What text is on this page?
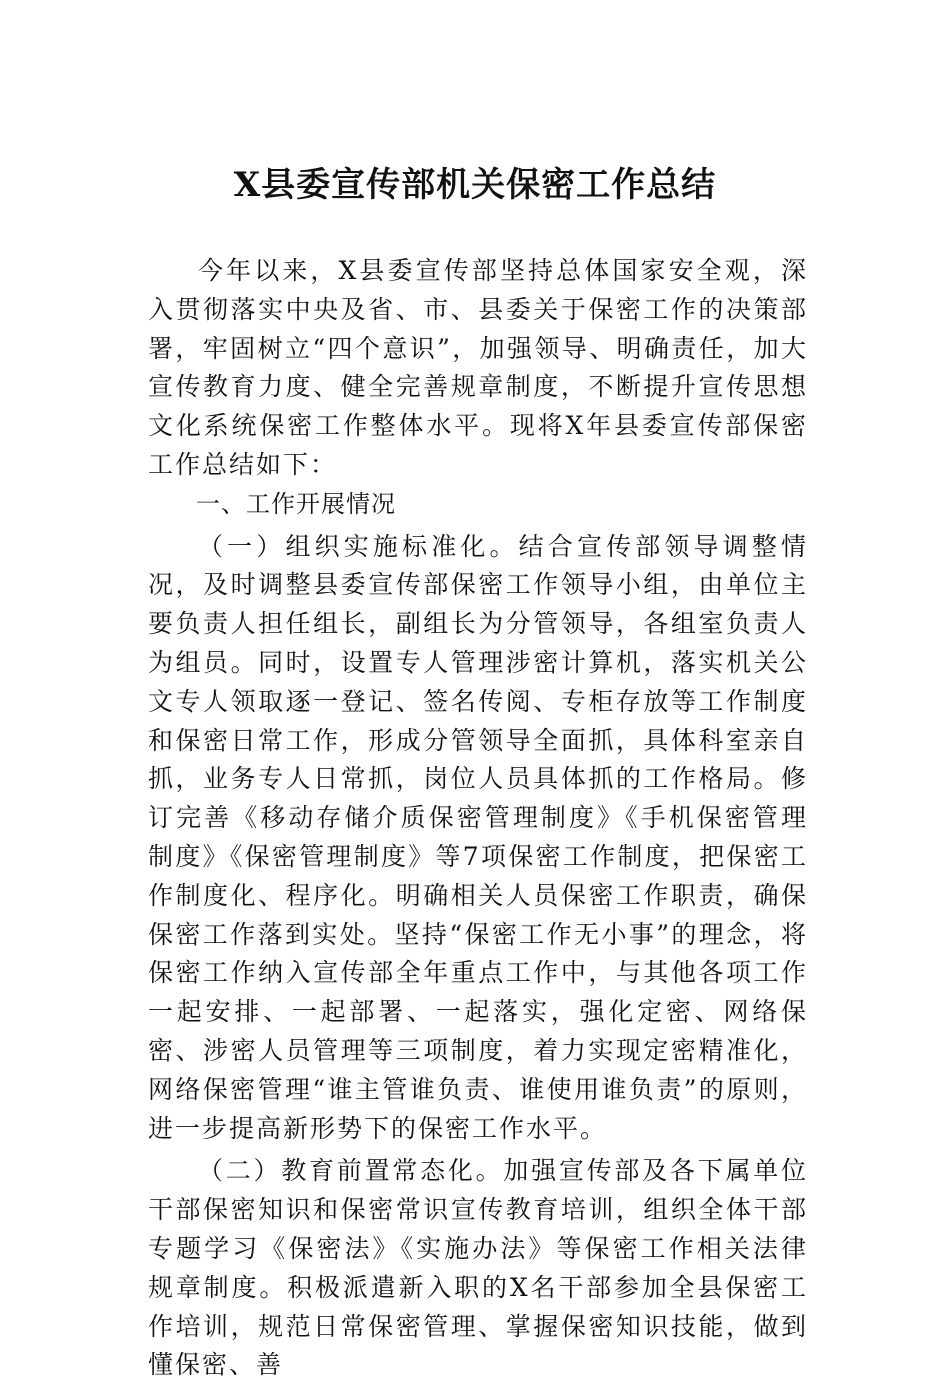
X县委宣传部机关保密工作总结

今年以来，X县委宣传部坚持总体国家安全观，深入贯彻落实中央及省、市、县委关于保密工作的决策部署，牢固树立“四个意识”，加强领导、明确责任，加大宣传教育力度、健全完善规章制度，不断提升宣传思想文化系统保密工作整体水平。现将X年县委宣传部保密工作总结如下：

一、工作开展情况

（一）组织实施标准化。结合宣传部领导调整情况，及时调整县委宣传部保密工作领导小组，由单位主要负责人担任组长，副组长为分管领导，各组室负责人为组员。同时，设置专人管理涉密计算机，落实机关公文专人领取逐一登记、签名传阅、专柜存放等工作制度和保密日常工作，形成分管领导全面抓，具体科室亲自抓，业务专人日常抓，岗位人员具体抓的工作格局。修订完善《移动存储介质保密管理制度》《手机保密管理制度》《保密管理制度》等7项保密工作制度，把保密工作制度化、程序化。明确相关人员保密工作职责，确保保密工作落到实处。坚持“保密工作无小事”的理念，将保密工作纳入宣传部全年重点工作中，与其他各项工作一起安排、一起部署、一起落实，强化定密、网络保密、涉密人员管理等三项制度，着力实现定密精准化，网络保密管理“谁主管谁负责、谁使用谁负责”的原则，进一步提高新形势下的保密工作水平。

（二）教育前置常态化。加强宣传部及各下属单位干部保密知识和保密常识宣传教育培训，组织全体干部专题学习《保密法》《实施办法》等保密工作相关法律规章制度。积极派遣新入职的X名干部参加全县保密工作培训，规范日常保密管理、掌握保密知识技能，做到懂保密、善
